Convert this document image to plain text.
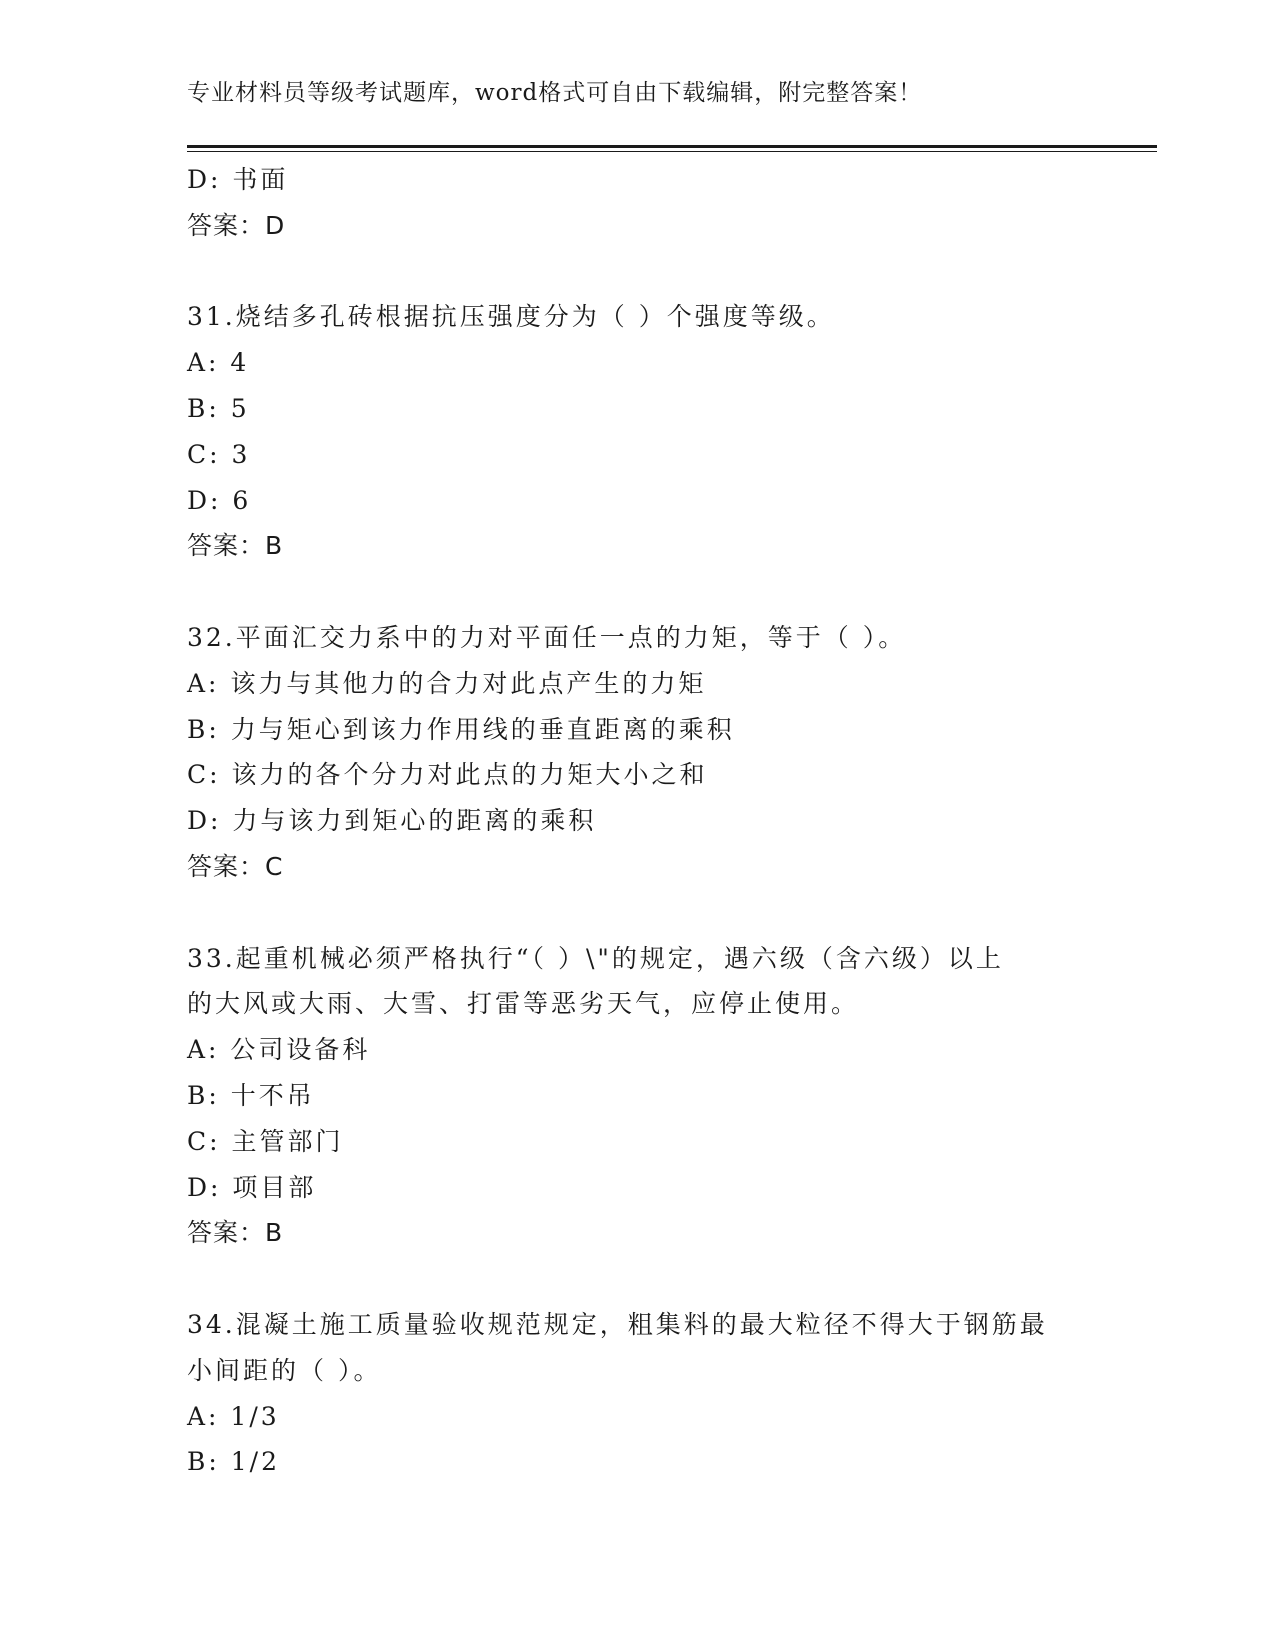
专业材料员等级考试题库，word格式可自由下载编辑，附完整答案！
D: 书面
答案：D
31.烧结多孔砖根据抗压强度分为（ ）个强度等级。
A: 4
B: 5
C: 3
D: 6
答案：B
32.平面汇交力系中的力对平面任一点的力矩，等于（ ）。
A: 该力与其他力的合力对此点产生的力矩
B: 力与矩心到该力作用线的垂直距离的乘积
C: 该力的各个分力对此点的力矩大小之和
D: 力与该力到矩心的距离的乘积
答案：C
33.起重机械必须严格执行“（ ）\"的规定，遇六级（含六级）以上
的大风或大雨、大雪、打雷等恶劣天气，应停止使用。
A: 公司设备科
B: 十不吊
C: 主管部门
D: 项目部
答案：B
34.混凝土施工质量验收规范规定，粗集料的最大粒径不得大于钢筋最
小间距的（ ）。
A: 1/3
B: 1/2
